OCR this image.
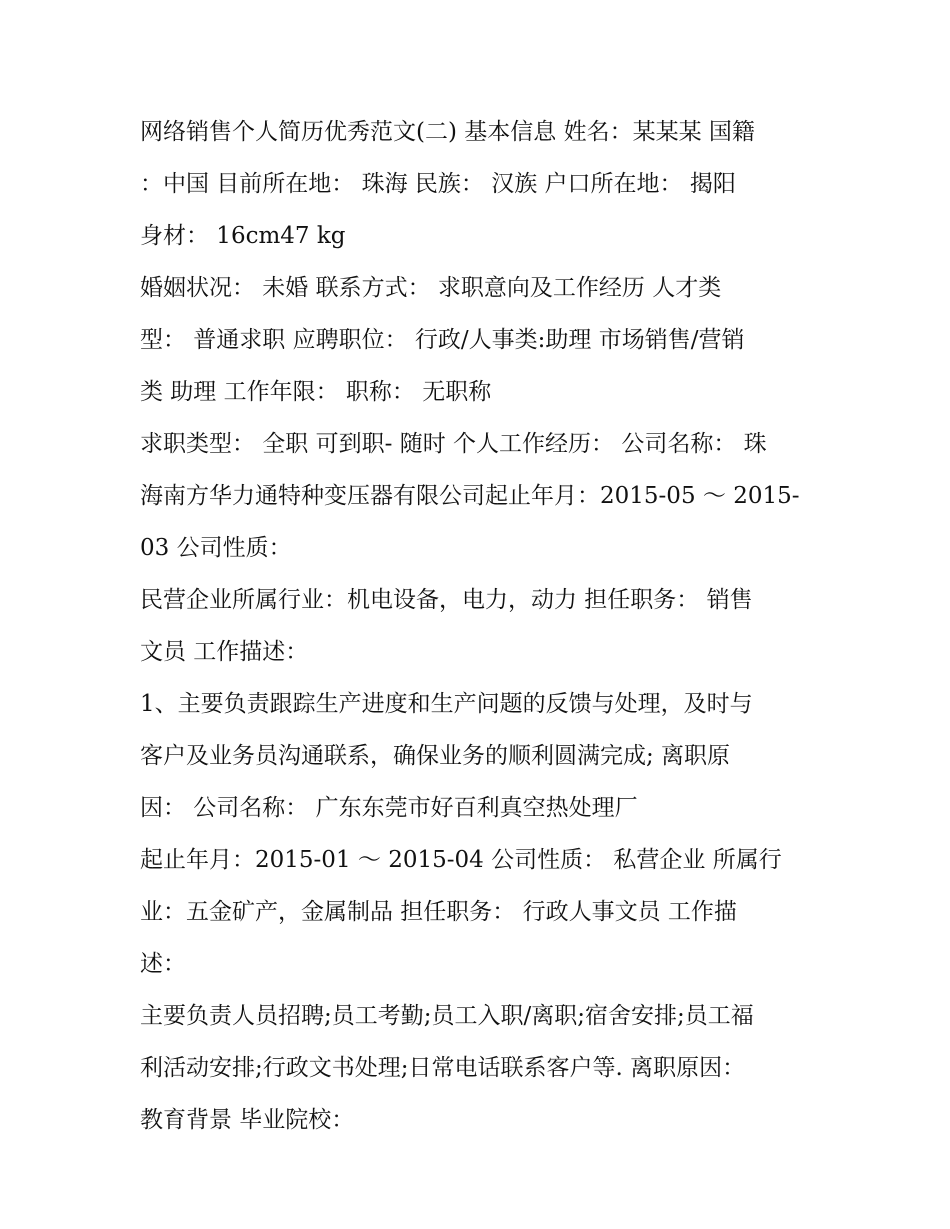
网络销售个人简历优秀范文(二) 基本信息 姓名：某某某 国籍
：中国 目前所在地： 珠海 民族： 汉族 户口所在地： 揭阳
身材： 16cm47 kg
婚姻状况： 未婚 联系方式： 求职意向及工作经历 人才类
型： 普通求职 应聘职位： 行政/人事类:助理 市场销售/营销
类 助理 工作年限： 职称： 无职称
求职类型： 全职 可到职- 随时 个人工作经历： 公司名称： 珠
海南方华力通特种变压器有限公司起止年月：2015-05 ～ 2015-
03 公司性质：
民营企业所属行业：机电设备，电力，动力 担任职务： 销售
文员 工作描述：
1、主要负责跟踪生产进度和生产问题的反馈与处理，及时与
客户及业务员沟通联系，确保业务的顺利圆满完成; 离职原
因： 公司名称： 广东东莞市好百利真空热处理厂
起止年月：2015-01 ～ 2015-04 公司性质： 私营企业 所属行
业：五金矿产，金属制品 担任职务： 行政人事文员 工作描
述：
主要负责人员招聘;员工考勤;员工入职/离职;宿舍安排;员工福
利活动安排;行政文书处理;日常电话联系客户等. 离职原因：
教育背景 毕业院校：
